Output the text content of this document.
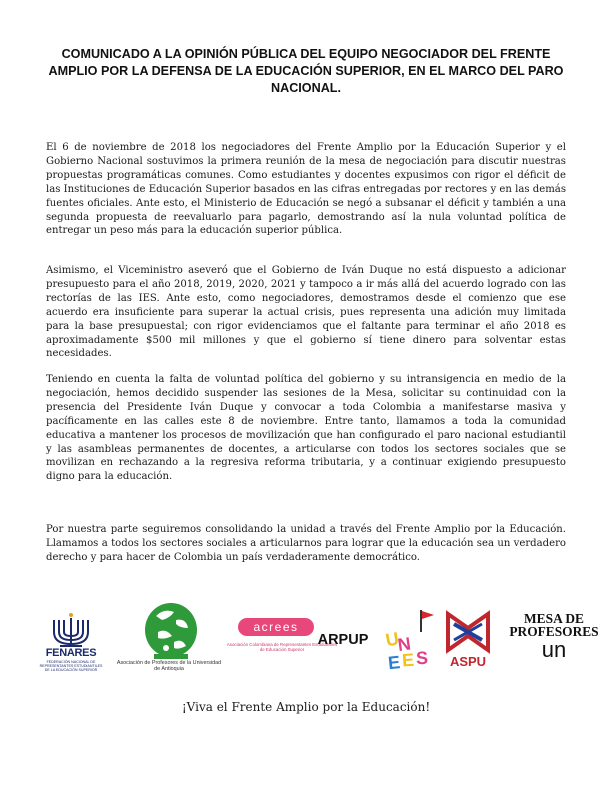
COMUNICADO A LA OPINIÓN PÚBLICA DEL EQUIPO NEGOCIADOR DEL FRENTE AMPLIO POR LA DEFENSA DE LA EDUCACIÓN SUPERIOR, EN EL MARCO DEL PARO NACIONAL.

El 6 de noviembre de 2018 los negociadores del Frente Amplio por la Educación Superior y el Gobierno Nacional sostuvimos la primera reunión de la mesa de negociación para discutir nuestras propuestas programáticas comunes. Como estudiantes y docentes expusimos con rigor el déficit de las Instituciones de Educación Superior basados en las cifras entregadas por rectores y en las demás fuentes oficiales. Ante esto, el Ministerio de Educación se negó a subsanar el déficit y también a una segunda propuesta de reevaluarlo para pagarlo, demostrando así la nula voluntad política de entregar un peso más para la educación superior pública.

Asimismo, el Viceministro aseveró que el Gobierno de Iván Duque no está dispuesto a adicionar presupuesto para el año 2018, 2019, 2020, 2021 y tampoco a ir más allá del acuerdo logrado con las rectorías de las IES. Ante esto, como negociadores, demostramos desde el comienzo que ese acuerdo era insuficiente para superar la actual crisis, pues representa una adición muy limitada para la base presupuestal; con rigor evidenciamos que el faltante para terminar el año 2018 es aproximadamente $500 mil millones y que el gobierno sí tiene dinero para solventar estas necesidades.

Teniendo en cuenta la falta de voluntad política del gobierno y su intransigencia en medio de la negociación, hemos decidido suspender las sesiones de la Mesa, solicitar su continuidad con la presencia del Presidente Iván Duque y convocar a toda Colombia a manifestarse masiva y pacíficamente en las calles este 8 de noviembre. Entre tanto, llamamos a toda la comunidad educativa a mantener los procesos de movilización que han configurado el paro nacional estudiantil y las asambleas permanentes de docentes, a articularse con todos los sectores sociales que se movilizan en rechazando a la regresiva reforma tributaria, y a continuar exigiendo presupuesto digno para la educación.

Por nuestra parte seguiremos consolidando la unidad a través del Frente Amplio por la Educación. Llamamos a todos los sectores sociales a articularnos para lograr que la educación sea un verdadero derecho y para hacer de Colombia un país verdaderamente democrático.

FENARES
FEDERACIÓN NACIONAL DE REPRESENTANTES ESTUDIANTILES DE LA EDUCACIÓN SUPERIOR
Asociación de Profesores de la Universidad de Antioquia
acrees
Asociación Colombiana de Representantes Estudiantiles de Educación Superior
ARPUP U
N
E E S	ASPU
MESA DE
PROFESORES
un

¡Viva el Frente Amplio por la Educación!
